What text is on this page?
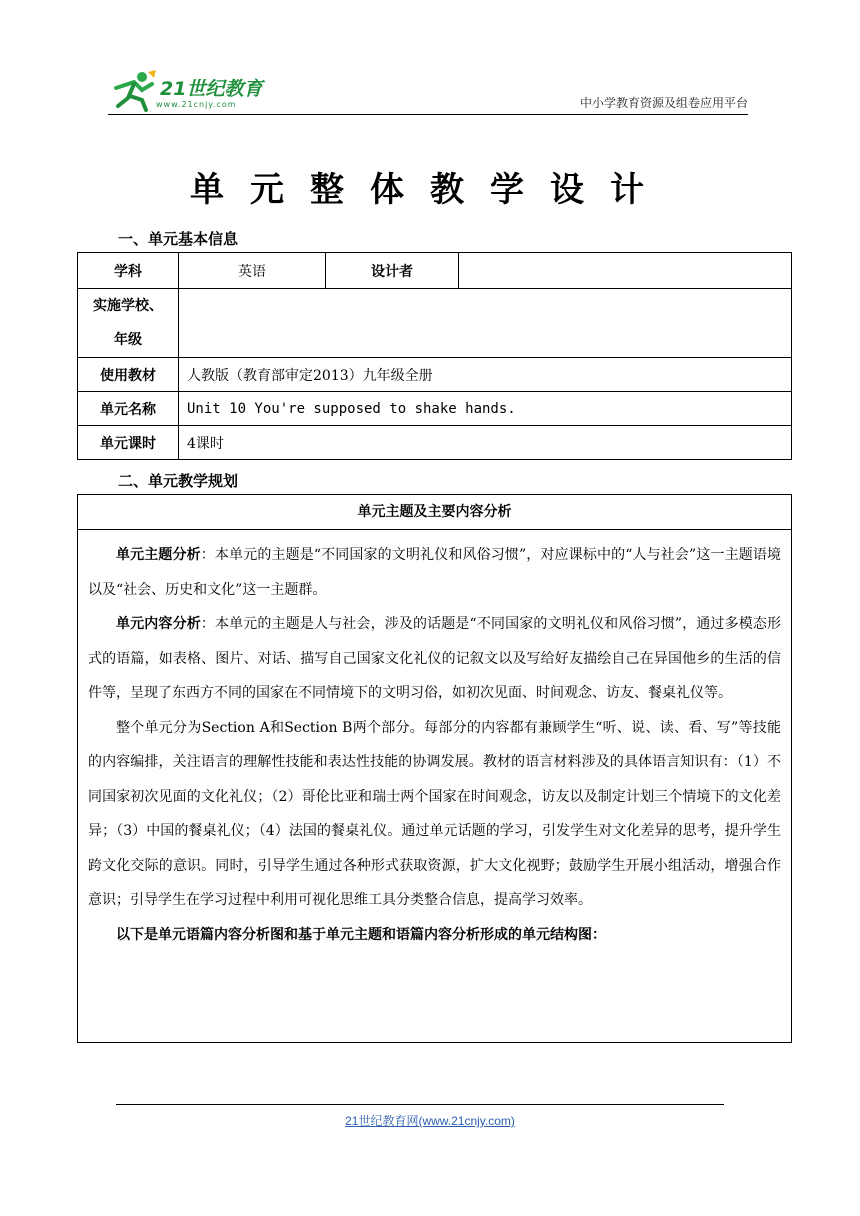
21世纪教育
www.21cnjy.com	中小学教育资源及组卷应用平台
单元整体教学设计
一、单元基本信息
学科	英语	设计者	

实施学校、
年级			

使用教材	人教版（教育部审定2013）九年级全册		
单元名称	Unit 10 You're supposed to shake hands.		
单元课时	4课时		
二、单元教学规划
单元主题及主要内容分析

单元主题分析：本单元的主题是“不同国家的文明礼仪和风俗习惯”，对应课标中的“人与社会”这一主题语境以及“社会、历史和文化”这一主题群。

单元内容分析：本单元的主题是人与社会，涉及的话题是“不同国家的文明礼仪和风俗习惯”，通过多模态形式的语篇，如表格、图片、对话、描写自己国家文化礼仪的记叙文以及写给好友描绘自己在异国他乡的生活的信件等，呈现了东西方不同的国家在不同情境下的文明习俗，如初次见面、时间观念、访友、餐桌礼仪等。

整个单元分为Section A和Section B两个部分。每部分的内容都有兼顾学生“听、说、读、看、写”等技能的内容编排，关注语言的理解性技能和表达性技能的协调发展。教材的语言材料涉及的具体语言知识有：（1）不同国家初次见面的文化礼仪；（2）哥伦比亚和瑞士两个国家在时间观念，访友以及制定计划三个情境下的文化差异；（3）中国的餐桌礼仪；（4）法国的餐桌礼仪。通过单元话题的学习，引发学生对文化差异的思考，提升学生跨文化交际的意识。同时，引导学生通过各种形式获取资源，扩大文化视野；鼓励学生开展小组活动，增强合作意识；引导学生在学习过程中利用可视化思维工具分类整合信息，提高学习效率。

以下是单元语篇内容分析图和基于单元主题和语篇内容分析形成的单元结构图：

21世纪教育网(www.21cnjy.com)
